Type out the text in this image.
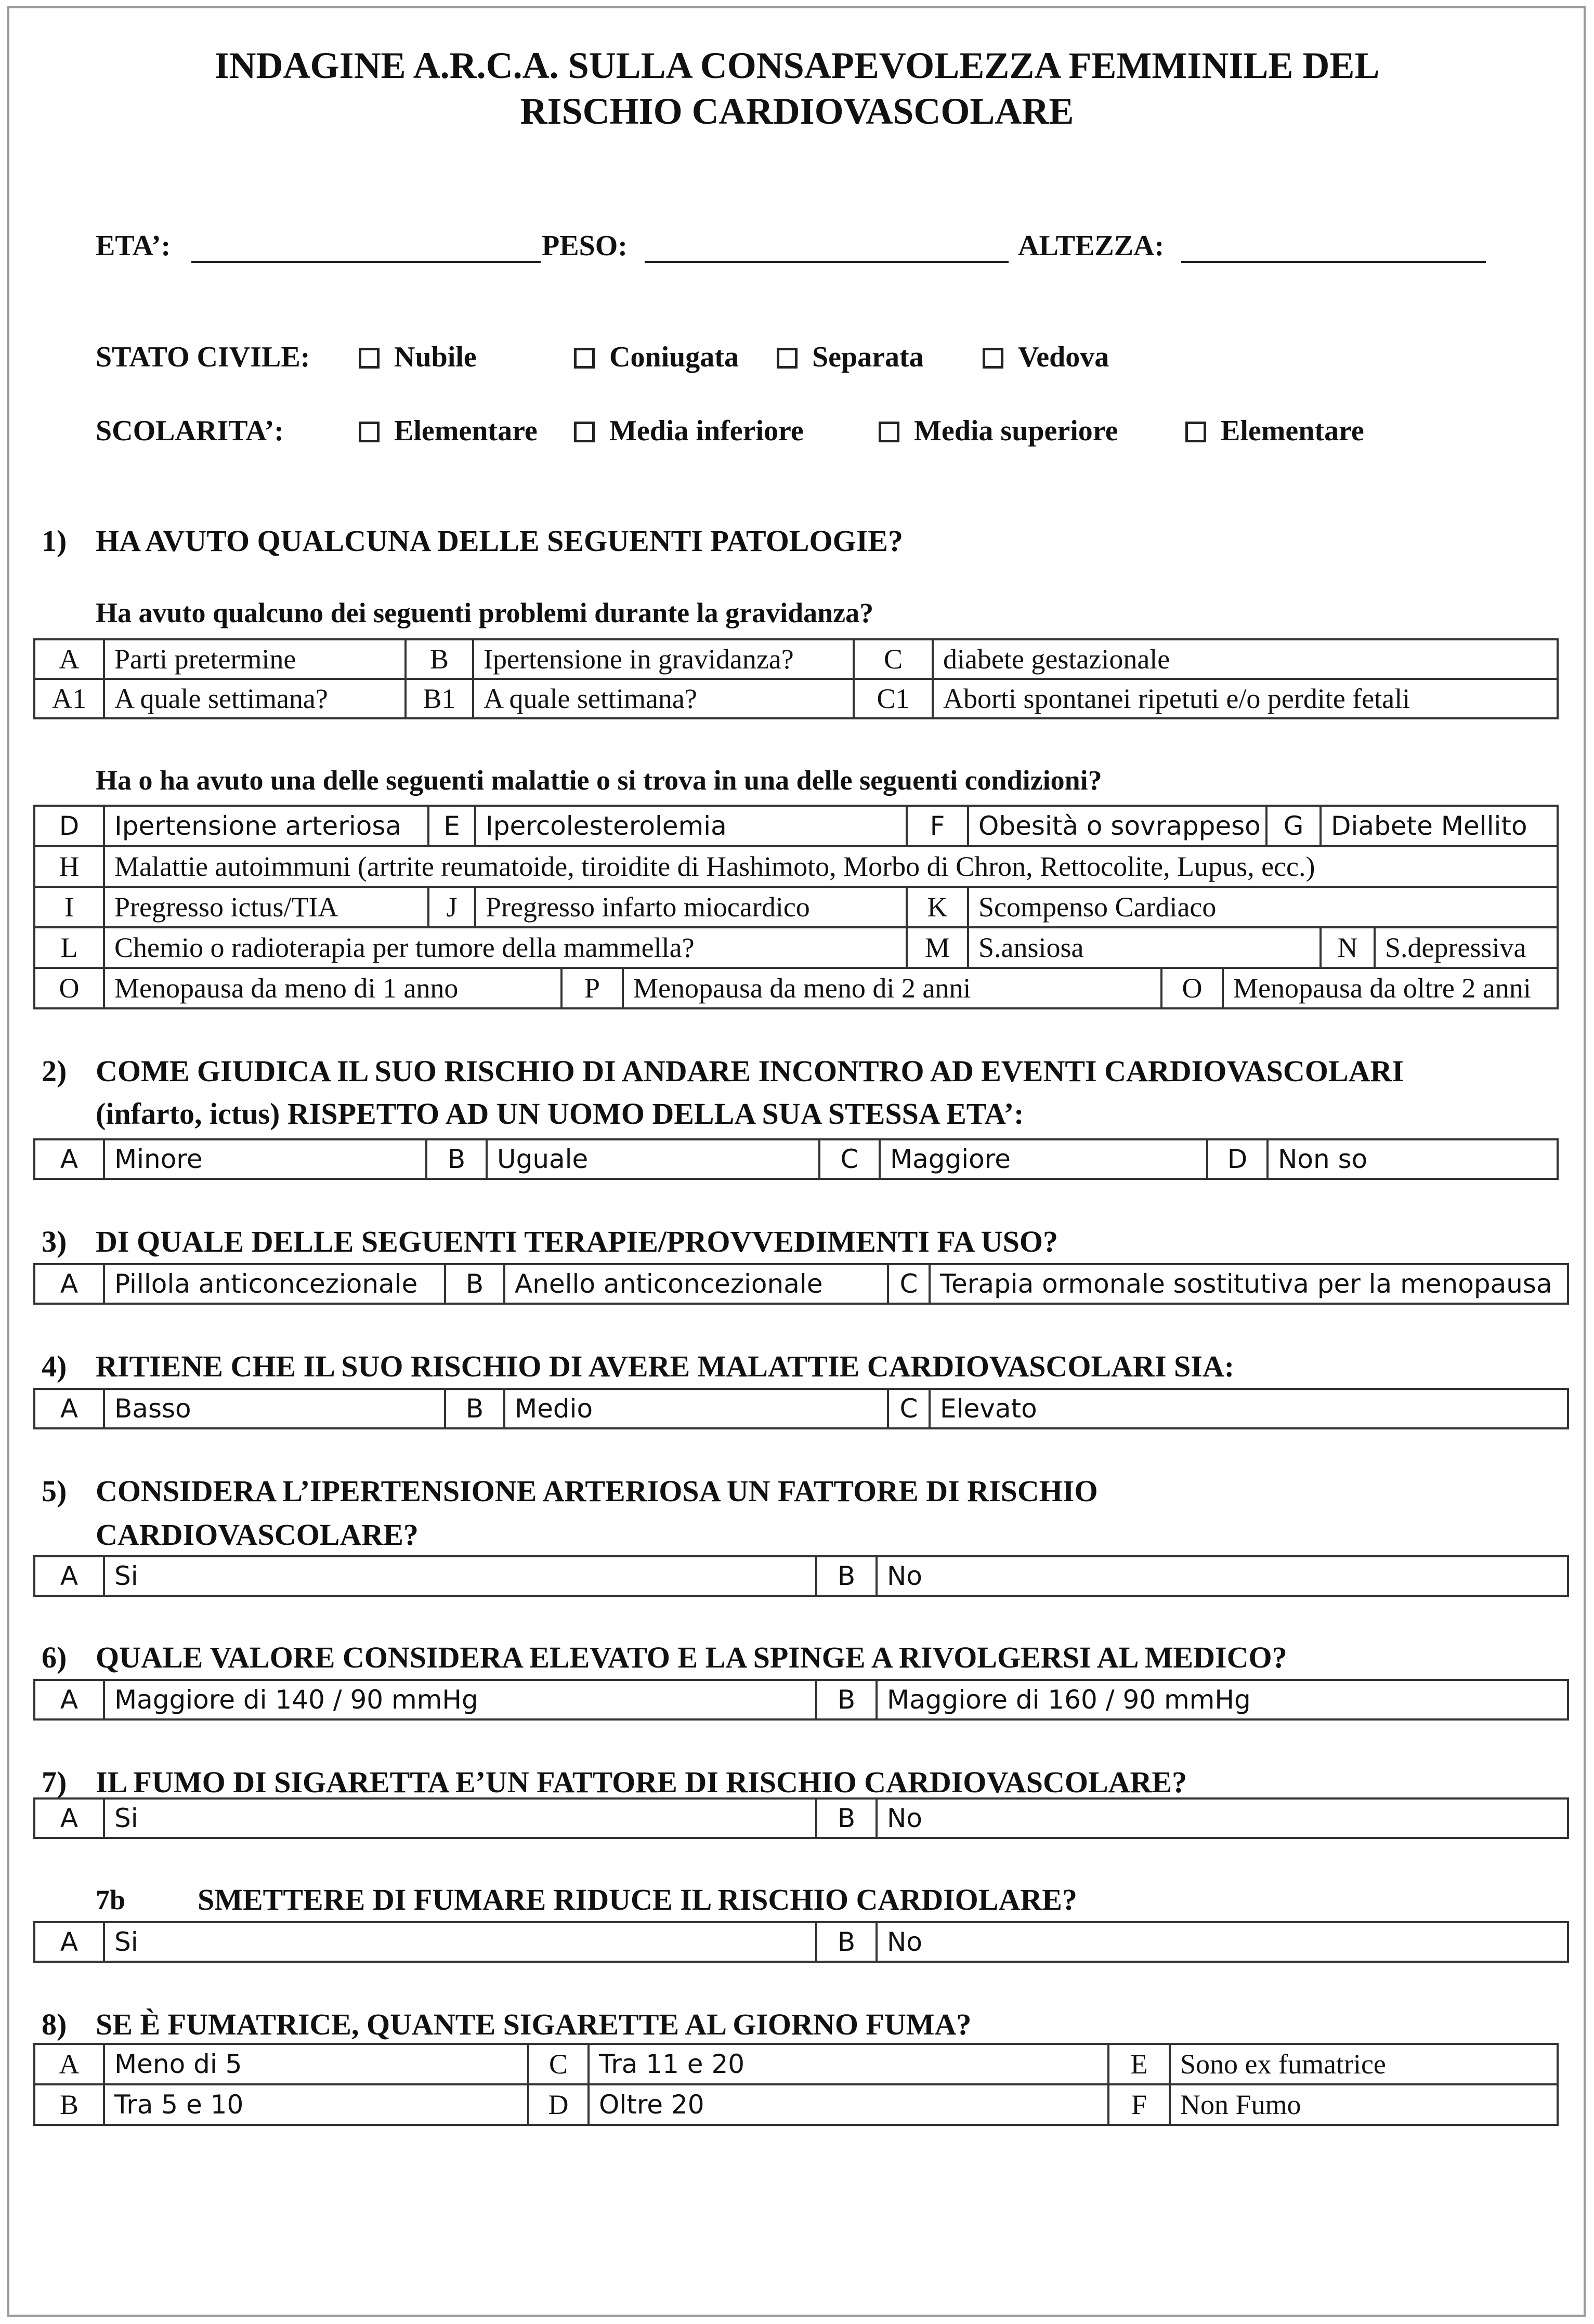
INDAGINE A.R.C.A. SULLA CONSAPEVOLEZZA FEMMINILE DEL
RISCHIO CARDIOVASCOLARE
ETA’:	PESO:	ALTEZZA:
STATO CIVILE:	Nubile	Coniugata	Separata	Vedova
SCOLARITA’:	Elementare	Media inferiore	Media superiore	Elementare
1) HA AVUTO QUALCUNA DELLE SEGUENTI PATOLOGIE?
Ha avuto qualcuno dei seguenti problemi durante la gravidanza?
A	Parti pretermine	B	Ipertensione in gravidanza?	C	diabete gestazionale
A1	A quale settimana?	B1	A quale settimana?	C1	Aborti spontanei ripetuti e/o perdite fetali
Ha o ha avuto una delle seguenti malattie o si trova in una delle seguenti condizioni?
D	Ipertensione arteriosa	E	Ipercolesterolemia	F	Obesità o sovrappeso	G	Diabete Mellito
H	Malattie autoimmuni (artrite reumatoide, tiroidite di Hashimoto, Morbo di Chron, Rettocolite, Lupus, ecc.)
I	Pregresso ictus/TIA	J	Pregresso infarto miocardico	K	Scompenso Cardiaco
L	Chemio o radioterapia per tumore della mammella?	M	S.ansiosa	N	S.depressiva
O	Menopausa da meno di 1 anno	P	Menopausa da meno di 2 anni	O	Menopausa da oltre 2 anni
2) COME GIUDICA IL SUO RISCHIO DI ANDARE INCONTRO AD EVENTI CARDIOVASCOLARI
(infarto, ictus) RISPETTO AD UN UOMO DELLA SUA STESSA ETA’:
A	Minore	B	Uguale	C	Maggiore	D	Non so
3) DI QUALE DELLE SEGUENTI TERAPIE/PROVVEDIMENTI FA USO?
A	Pillola anticoncezionale	B	Anello anticoncezionale	C	Terapia ormonale sostitutiva per la menopausa
4) RITIENE CHE IL SUO RISCHIO DI AVERE MALATTIE CARDIOVASCOLARI SIA:
A	Basso	B	Medio	C	Elevato
5) CONSIDERA L’IPERTENSIONE ARTERIOSA UN FATTORE DI RISCHIO
CARDIOVASCOLARE?
A	Si	B	No
6) QUALE VALORE CONSIDERA ELEVATO E LA SPINGE A RIVOLGERSI AL MEDICO?
A	Maggiore di 140 / 90 mmHg	B	Maggiore di 160 / 90 mmHg
7) IL FUMO DI SIGARETTA E’UN FATTORE DI RISCHIO CARDIOVASCOLARE?
A	Si	B	No
7b SMETTERE DI FUMARE RIDUCE IL RISCHIO CARDIOLARE?
A	Si	B	No
8) SE È FUMATRICE, QUANTE SIGARETTE AL GIORNO FUMA?
A	Meno di 5	C	Tra 11 e 20	E	Sono ex fumatrice
B	Tra 5 e 10	D	Oltre 20	F	Non Fumo
